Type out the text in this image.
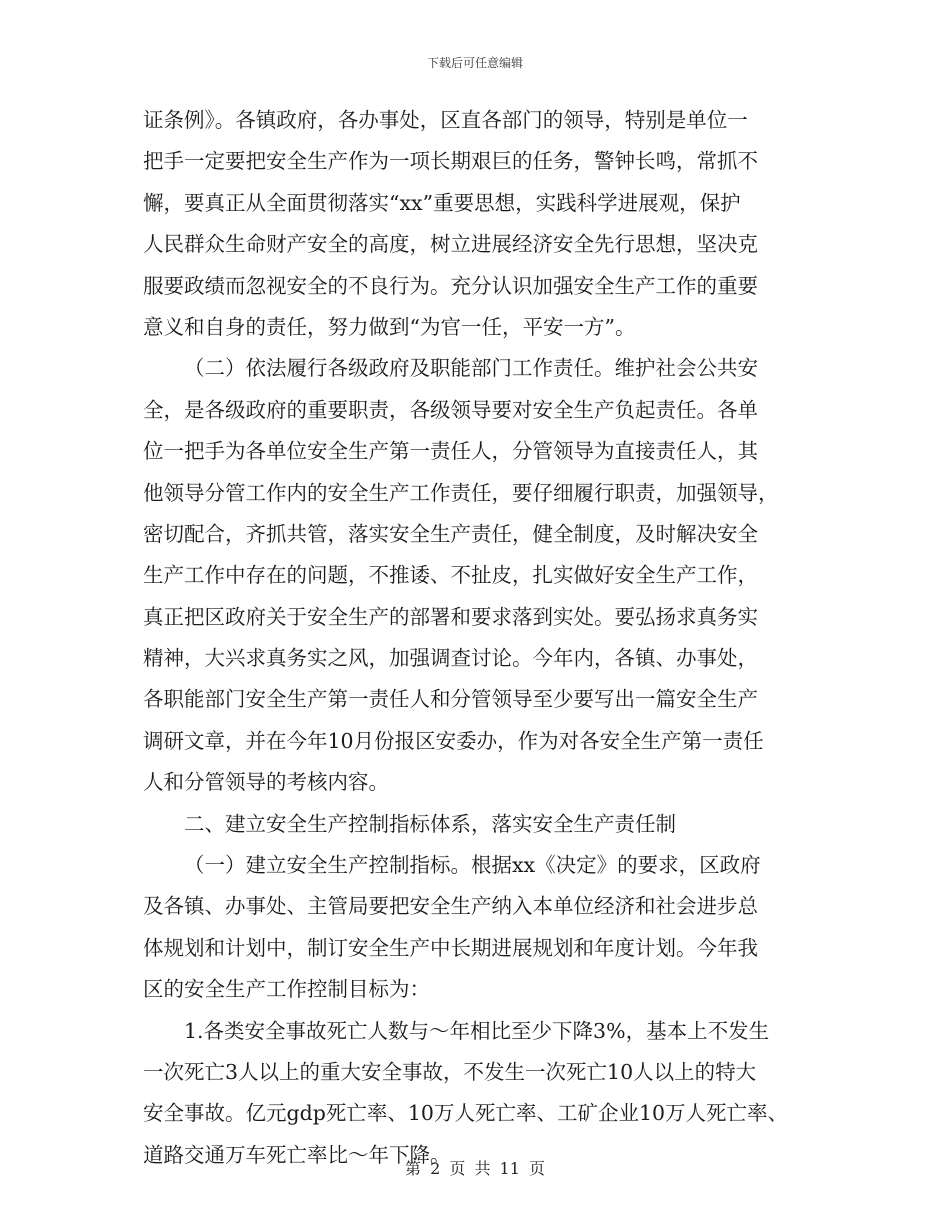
下载后可任意编辑
证条例》。各镇政府，各办事处，区直各部门的领导，特别是单位一
把手一定要把安全生产作为一项长期艰巨的任务，警钟长鸣，常抓不
懈，要真正从全面贯彻落实“xx”重要思想，实践科学进展观，保护
人民群众生命财产安全的高度，树立进展经济安全先行思想，坚决克
服要政绩而忽视安全的不良行为。充分认识加强安全生产工作的重要
意义和自身的责任，努力做到“为官一任，平安一方”。
（二）依法履行各级政府及职能部门工作责任。维护社会公共安
全，是各级政府的重要职责，各级领导要对安全生产负起责任。各单
位一把手为各单位安全生产第一责任人，分管领导为直接责任人，其
他领导分管工作内的安全生产工作责任，要仔细履行职责，加强领导，
密切配合，齐抓共管，落实安全生产责任，健全制度，及时解决安全
生产工作中存在的问题，不推诿、不扯皮，扎实做好安全生产工作，
真正把区政府关于安全生产的部署和要求落到实处。要弘扬求真务实
精神，大兴求真务实之风，加强调查讨论。今年内，各镇、办事处，
各职能部门安全生产第一责任人和分管领导至少要写出一篇安全生产
调研文章，并在今年10月份报区安委办，作为对各安全生产第一责任
人和分管领导的考核内容。
二、建立安全生产控制指标体系，落实安全生产责任制
（一）建立安全生产控制指标。根据xx《决定》的要求，区政府
及各镇、办事处、主管局要把安全生产纳入本单位经济和社会进步总
体规划和计划中，制订安全生产中长期进展规划和年度计划。今年我
区的安全生产工作控制目标为：
1.各类安全事故死亡人数与～年相比至少下降3%，基本上不发生
一次死亡3人以上的重大安全事故，不发生一次死亡10人以上的特大
安全事故。亿元gdp死亡率、10万人死亡率、工矿企业10万人死亡率、
道路交通万车死亡率比～年下降。
第 2 页 共 11 页
